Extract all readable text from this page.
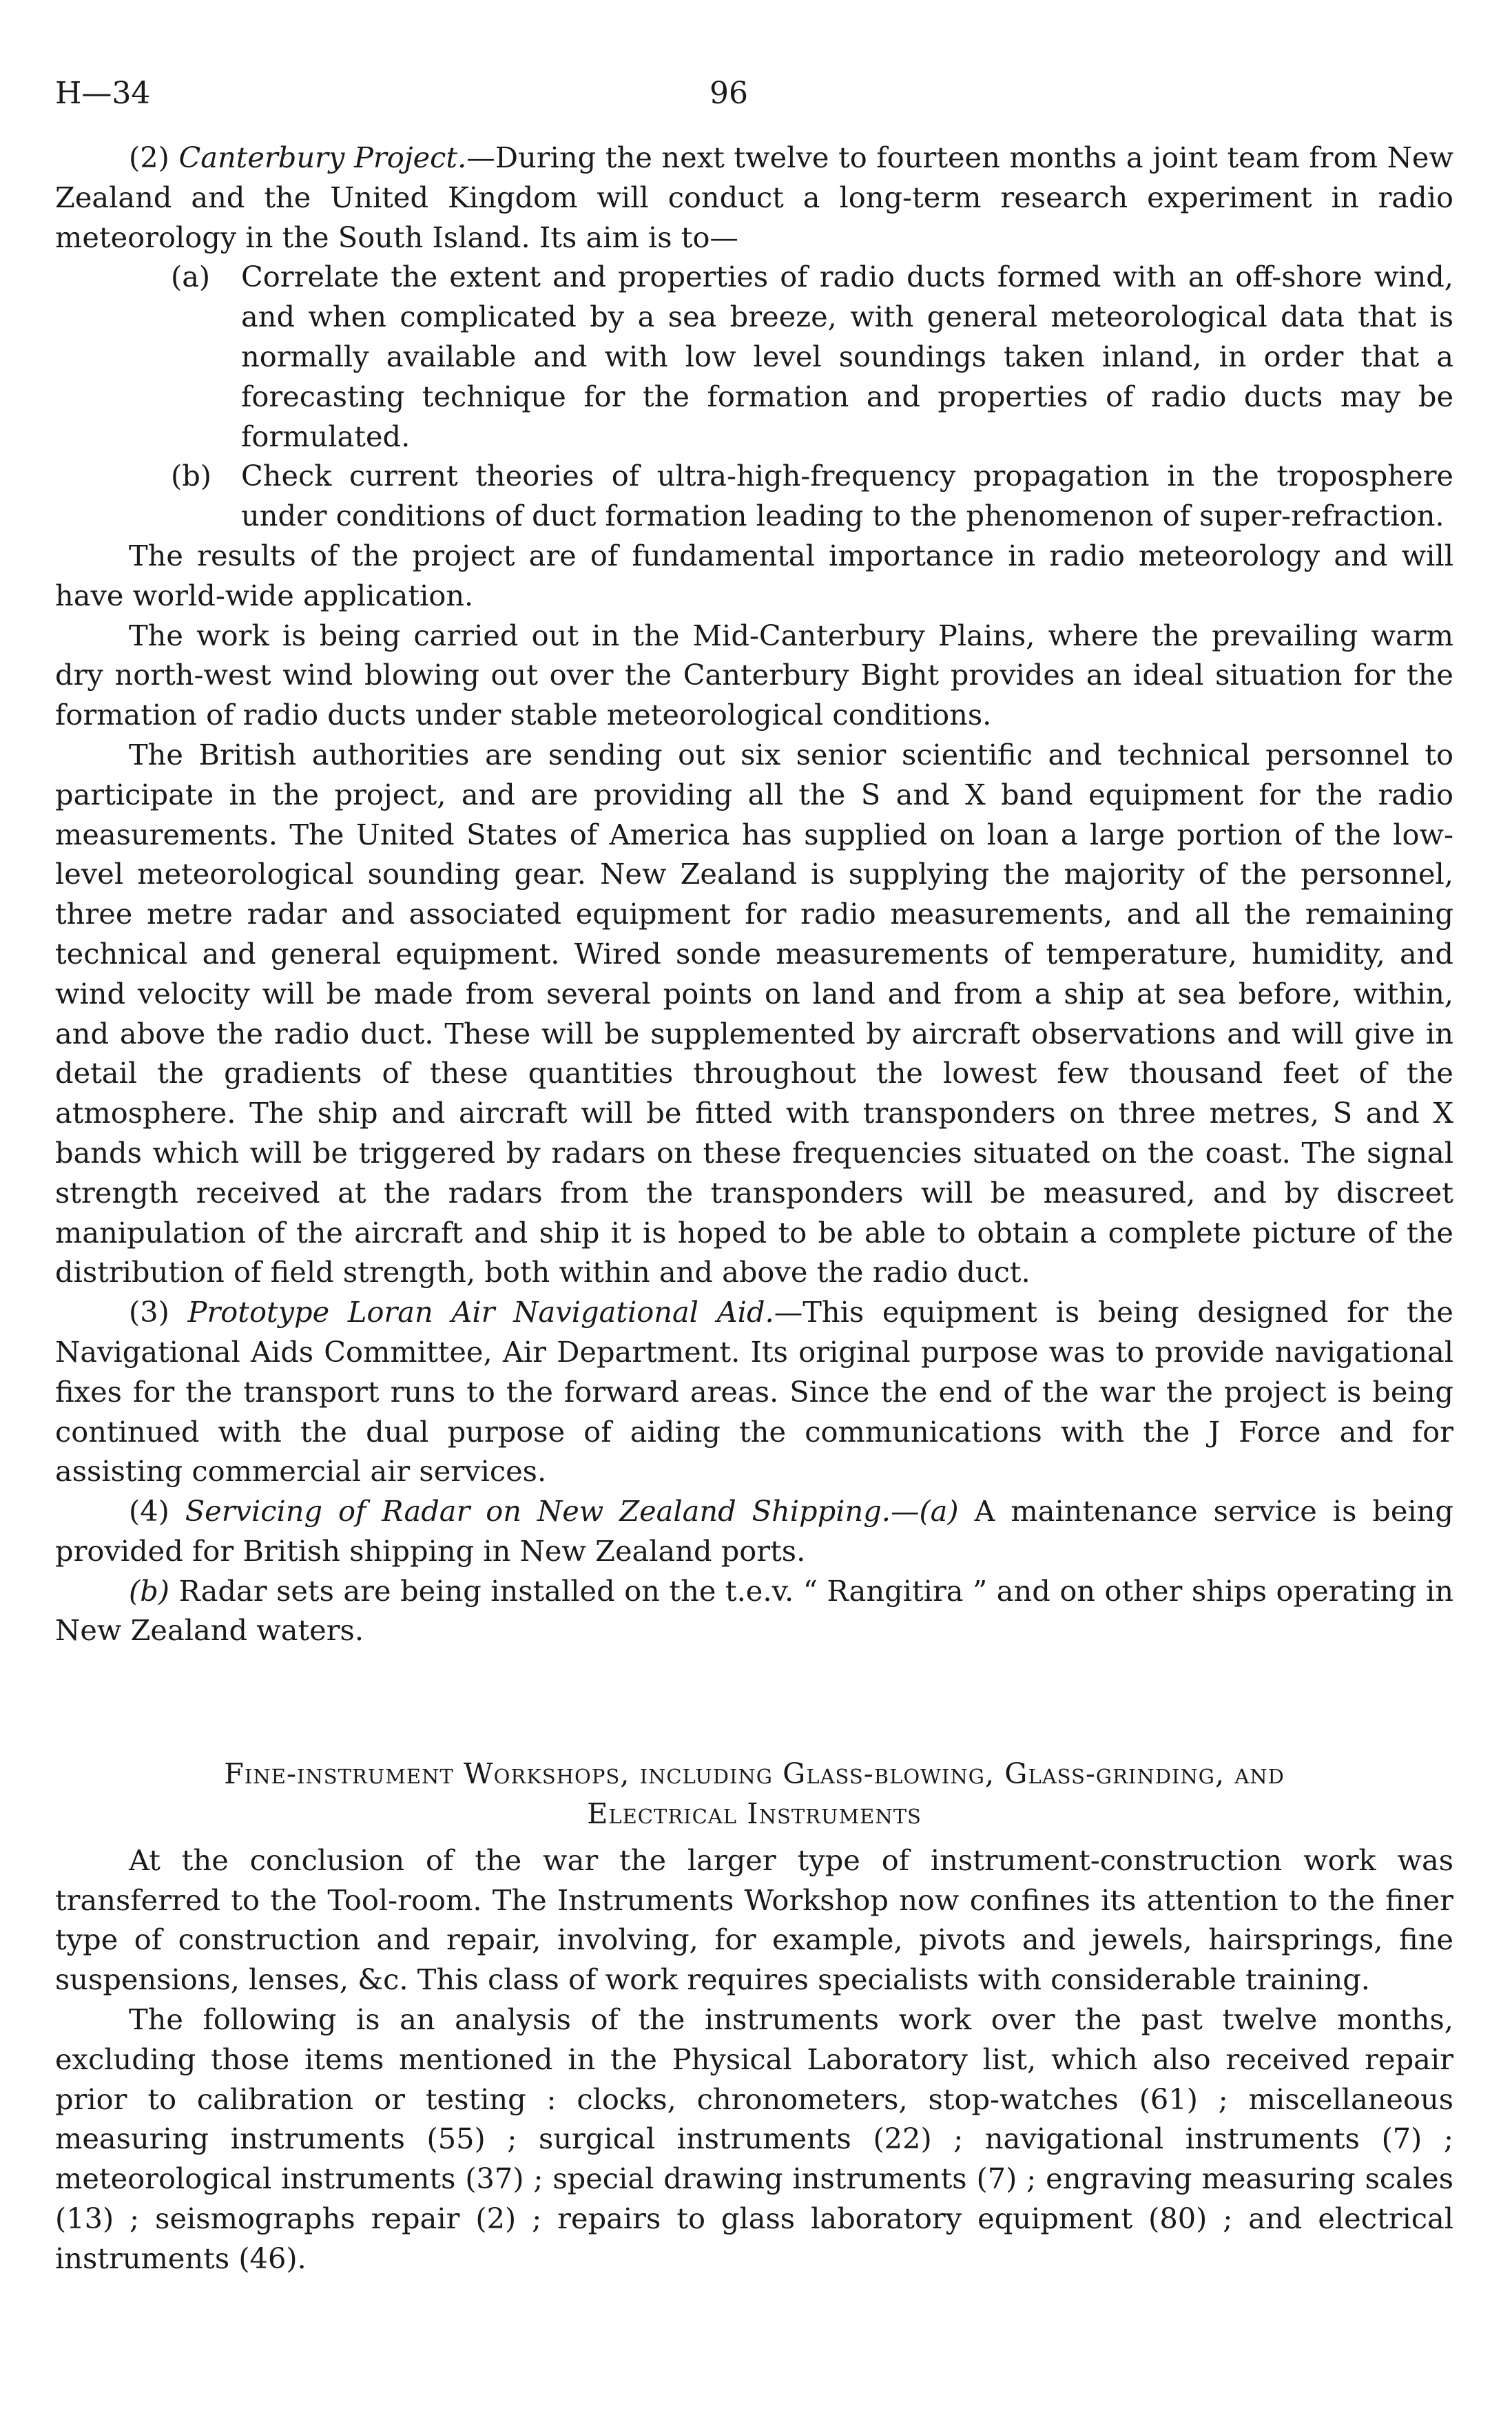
H—34	96

(2) Canterbury Project.—During the next twelve to fourteen months a joint team from New Zealand and the United Kingdom will conduct a long-term research experiment in radio meteorology in the South Island. Its aim is to—

(a) Correlate the extent and properties of radio ducts formed with an off-shore wind, and when complicated by a sea breeze, with general meteorological data that is normally available and with low level soundings taken inland, in order that a forecasting technique for the formation and properties of radio ducts may be formulated.

(b) Check current theories of ultra-high-frequency propagation in the troposphere under conditions of duct formation leading to the phenomenon of super-refraction.

The results of the project are of fundamental importance in radio meteorology and will have world-wide application.

The work is being carried out in the Mid-Canterbury Plains, where the prevailing warm dry north-west wind blowing out over the Canterbury Bight provides an ideal situation for the formation of radio ducts under stable meteorological conditions.

The British authorities are sending out six senior scientific and technical personnel to participate in the project, and are providing all the S and X band equipment for the radio measurements. The United States of America has supplied on loan a large portion of the low-level meteorological sounding gear. New Zealand is supplying the majority of the personnel, three metre radar and associated equipment for radio measurements, and all the remaining technical and general equipment. Wired sonde measurements of temperature, humidity, and wind velocity will be made from several points on land and from a ship at sea before, within, and above the radio duct. These will be supplemented by aircraft observations and will give in detail the gradients of these quantities throughout the lowest few thousand feet of the atmosphere. The ship and aircraft will be fitted with transponders on three metres, S and X bands which will be triggered by radars on these frequencies situated on the coast. The signal strength received at the radars from the transponders will be measured, and by discreet manipulation of the aircraft and ship it is hoped to be able to obtain a complete picture of the distribution of field strength, both within and above the radio duct.

(3) Prototype Loran Air Navigational Aid.—This equipment is being designed for the Navigational Aids Committee, Air Department. Its original purpose was to provide navigational fixes for the transport runs to the forward areas. Since the end of the war the project is being continued with the dual purpose of aiding the communications with the J Force and for assisting commercial air services.

(4) Servicing of Radar on New Zealand Shipping.—(a) A maintenance service is being provided for British shipping in New Zealand ports.

(b) Radar sets are being installed on the t.e.v. “ Rangitira ” and on other ships operating in New Zealand waters.

Fine-instrument Workshops, including Glass-blowing, Glass-grinding, and
Electrical Instruments

At the conclusion of the war the larger type of instrument-construction work was transferred to the Tool-room. The Instruments Workshop now confines its attention to the finer type of construction and repair, involving, for example, pivots and jewels, hairsprings, fine suspensions, lenses, &c. This class of work requires specialists with considerable training.

The following is an analysis of the instruments work over the past twelve months, excluding those items mentioned in the Physical Laboratory list, which also received repair prior to calibration or testing : clocks, chronometers, stop-watches (61) ; miscellaneous measuring instruments (55) ; surgical instruments (22) ; navigational instruments (7) ; meteorological instruments (37) ; special drawing instruments (7) ; engraving measuring scales (13) ; seismographs repair (2) ; repairs to glass laboratory equipment (80) ; and electrical instruments (46).
